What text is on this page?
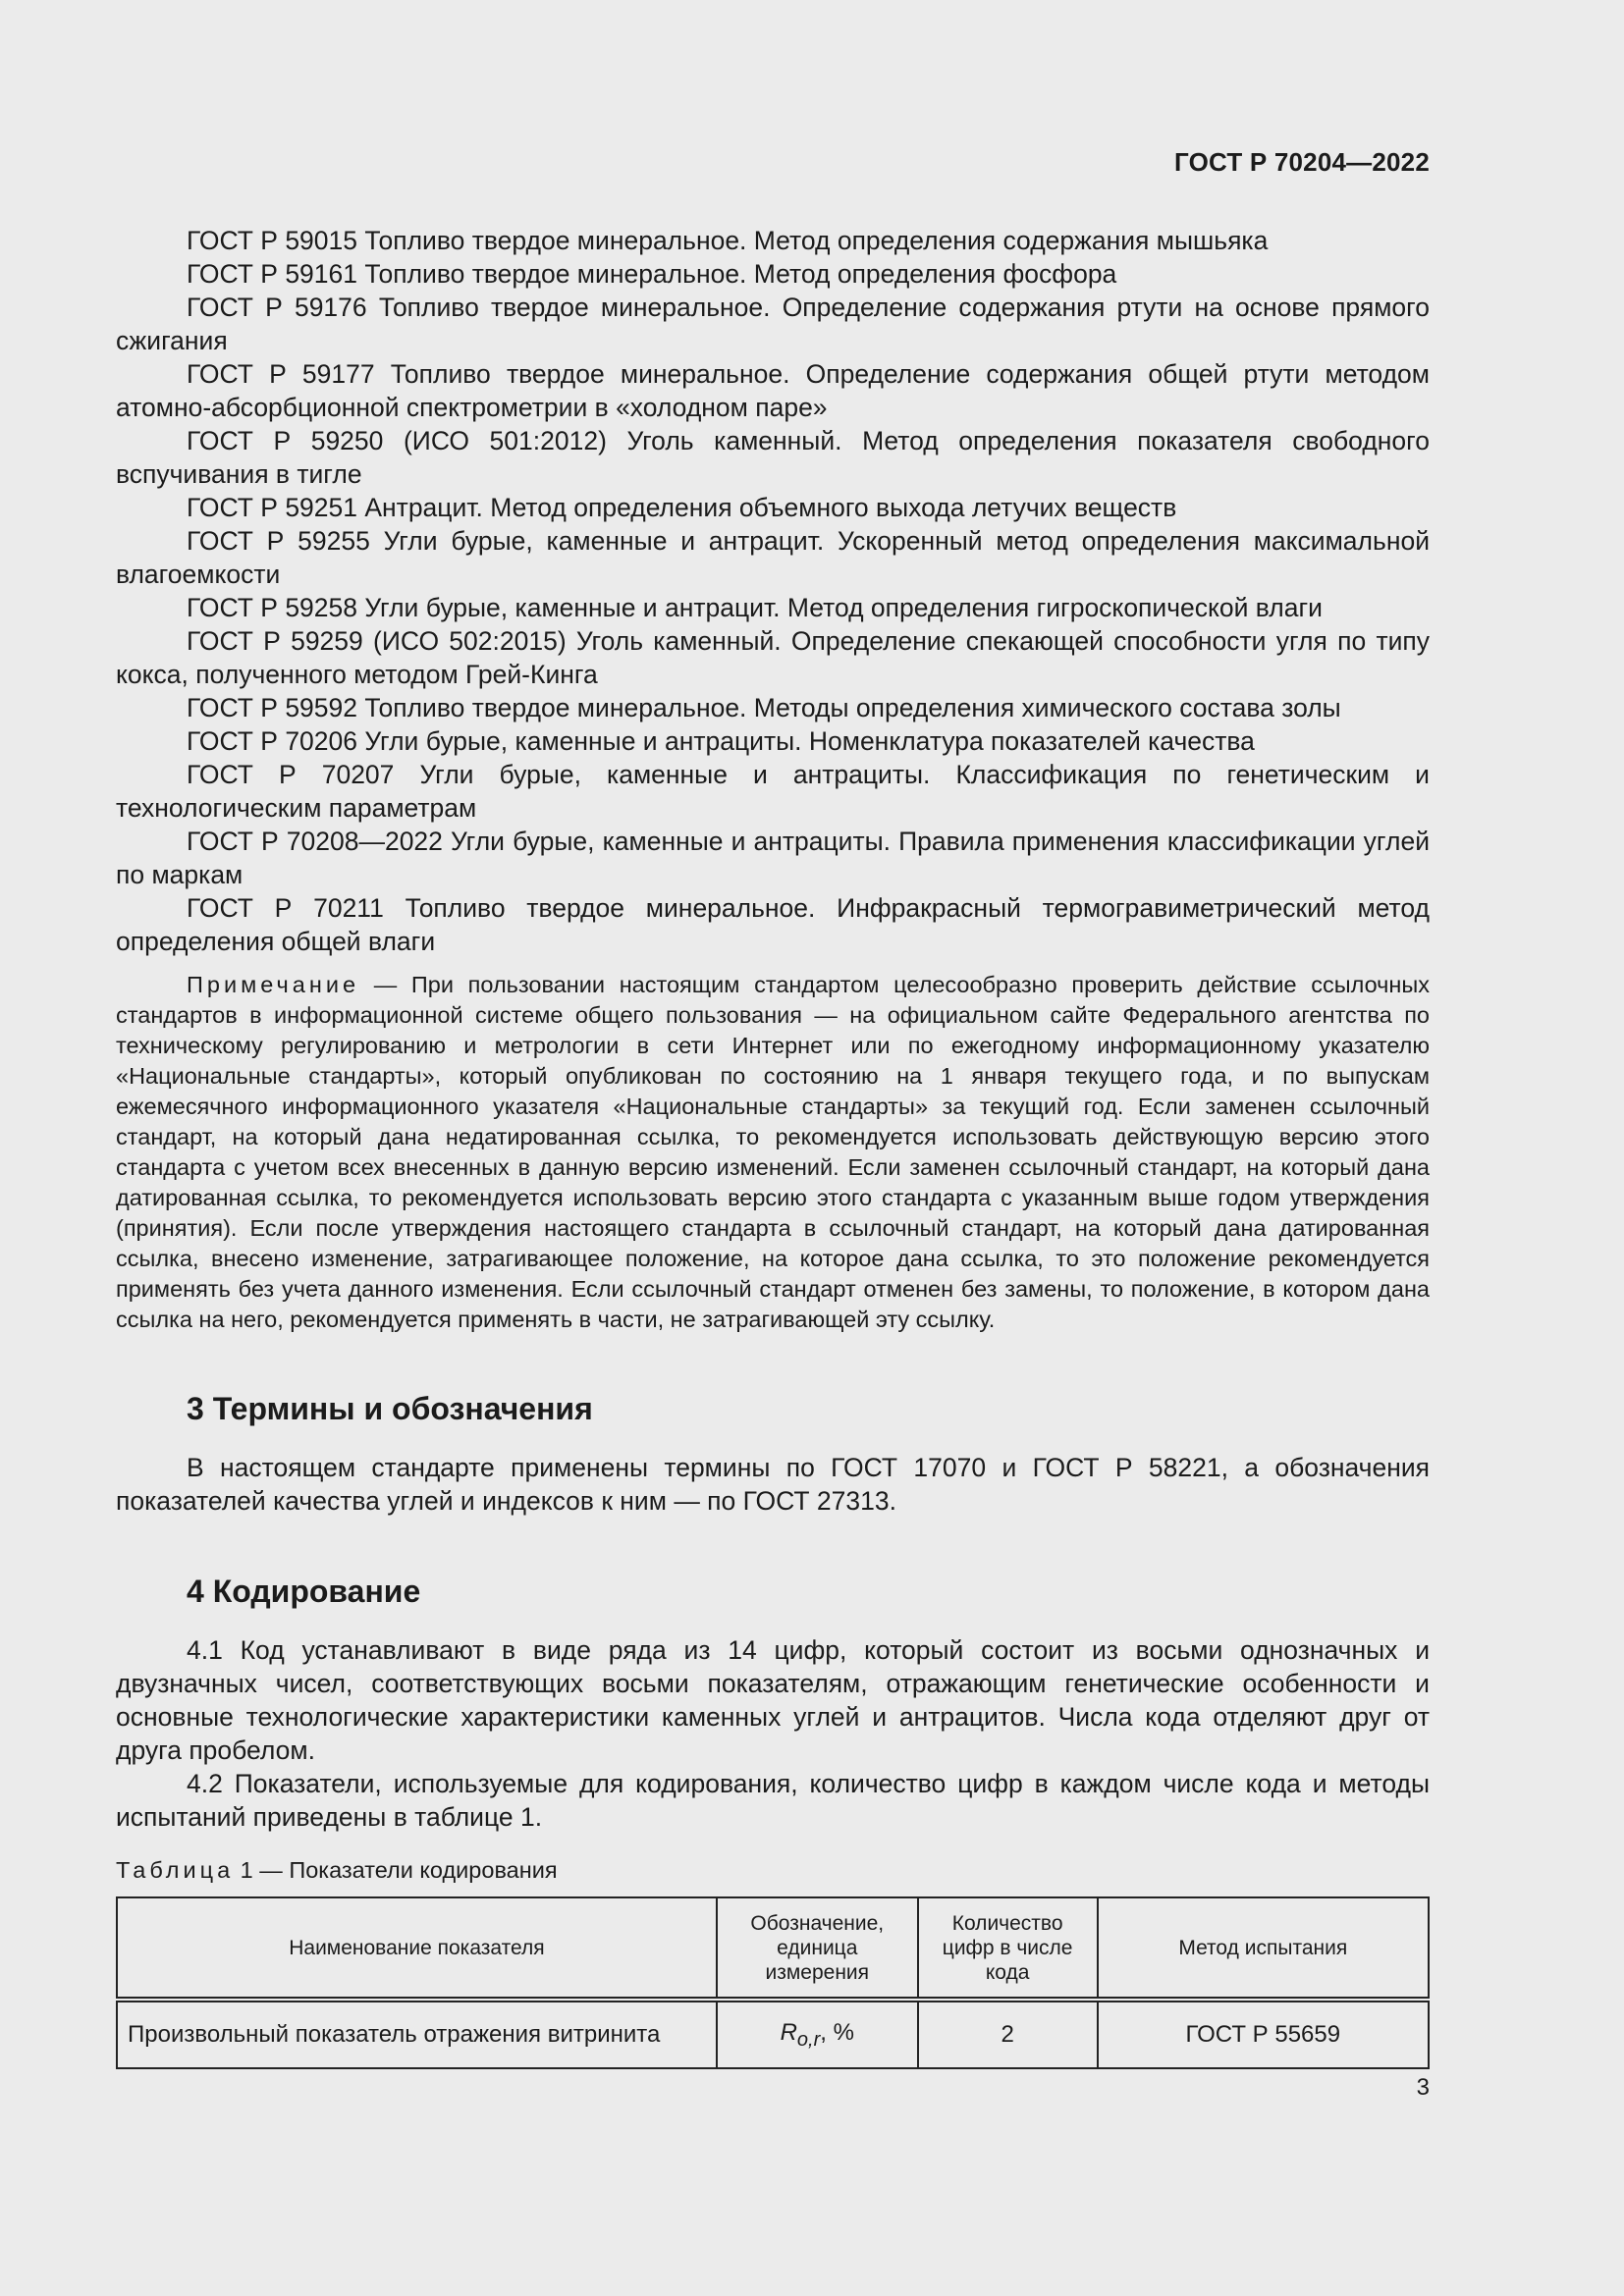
ГОСТ Р 70204—2022

ГОСТ Р 59015 Топливо твердое минеральное. Метод определения содержания мышьяка

ГОСТ Р 59161 Топливо твердое минеральное. Метод определения фосфора

ГОСТ Р 59176 Топливо твердое минеральное. Определение содержания ртути на основе прямого сжигания

ГОСТ Р 59177 Топливо твердое минеральное. Определение содержания общей ртути методом атомно-абсорбционной спектрометрии в «холодном паре»

ГОСТ Р 59250 (ИСО 501:2012) Уголь каменный. Метод определения показателя свободного вспучивания в тигле

ГОСТ Р 59251 Антрацит. Метод определения объемного выхода летучих веществ

ГОСТ Р 59255 Угли бурые, каменные и антрацит. Ускоренный метод определения максимальной влагоемкости

ГОСТ Р 59258 Угли бурые, каменные и антрацит. Метод определения гигроскопической влаги

ГОСТ Р 59259 (ИСО 502:2015) Уголь каменный. Определение спекающей способности угля по типу кокса, полученного методом Грей-Кинга

ГОСТ Р 59592 Топливо твердое минеральное. Методы определения химического состава золы

ГОСТ Р 70206 Угли бурые, каменные и антрациты. Номенклатура показателей качества

ГОСТ Р 70207 Угли бурые, каменные и антрациты. Классификация по генетическим и технологическим параметрам

ГОСТ Р 70208—2022 Угли бурые, каменные и антрациты. Правила применения классификации углей по маркам

ГОСТ Р 70211 Топливо твердое минеральное. Инфракрасный термогравиметрический метод определения общей влаги

Примечание — При пользовании настоящим стандартом целесообразно проверить действие ссылочных стандартов в информационной системе общего пользования — на официальном сайте Федерального агентства по техническому регулированию и метрологии в сети Интернет или по ежегодному информационному указателю «Национальные стандарты», который опубликован по состоянию на 1 января текущего года, и по выпускам ежемесячного информационного указателя «Национальные стандарты» за текущий год. Если заменен ссылочный стандарт, на который дана недатированная ссылка, то рекомендуется использовать действующую версию этого стандарта с учетом всех внесенных в данную версию изменений. Если заменен ссылочный стандарт, на который дана датированная ссылка, то рекомендуется использовать версию этого стандарта с указанным выше годом утверждения (принятия). Если после утверждения настоящего стандарта в ссылочный стандарт, на который дана датированная ссылка, внесено изменение, затрагивающее положение, на которое дана ссылка, то это положение рекомендуется применять без учета данного изменения. Если ссылочный стандарт отменен без замены, то положение, в котором дана ссылка на него, рекомендуется применять в части, не затрагивающей эту ссылку.
3 Термины и обозначения

В настоящем стандарте применены термины по ГОСТ 17070 и ГОСТ Р 58221, а обозначения показателей качества углей и индексов к ним — по ГОСТ 27313.

4 Кодирование

4.1 Код устанавливают в виде ряда из 14 цифр, который состоит из восьми однозначных и двузначных чисел, соответствующих восьми показателям, отражающим генетические особенности и основные технологические характеристики каменных углей и антрацитов. Числа кода отделяют друг от друга пробелом.

4.2 Показатели, используемые для кодирования, количество цифр в каждом числе кода и методы испытаний приведены в таблице 1.

Таблица 1 — Показатели кодирования
Наименование показателя	Обозначение, единица измерения	Количество цифр в числе кода	Метод испытания
Произвольный показатель отражения витринита	$R_{o,r}$, %	2	ГОСТ Р 55659
3
